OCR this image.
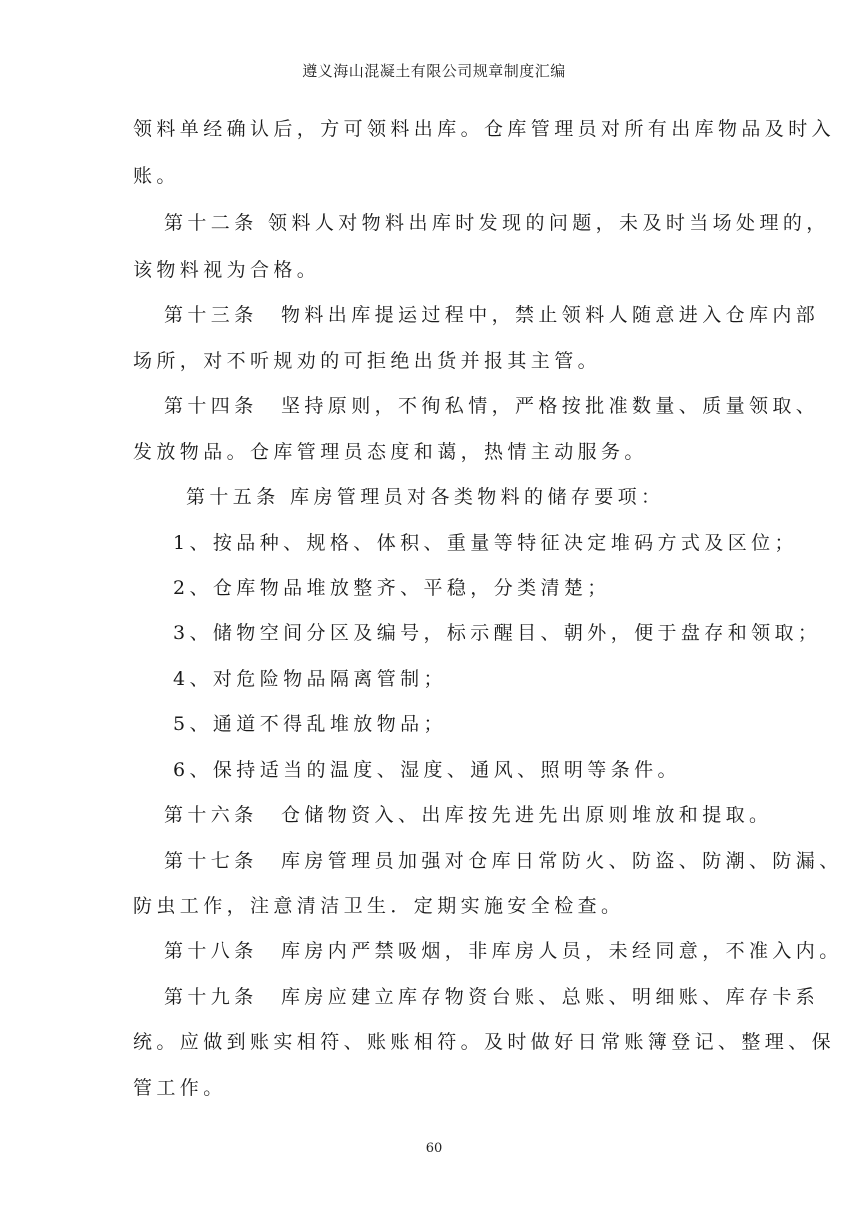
遵义海山混凝土有限公司规章制度汇编
领料单经确认后，方可领料出库。仓库管理员对所有出库物品及时入
账。
第十二条 领料人对物料出库时发现的问题，未及时当场处理的，
该物料视为合格。
第十三条　物料出库提运过程中，禁止领料人随意进入仓库内部
场所，对不听规劝的可拒绝出货并报其主管。
第十四条　坚持原则，不徇私情，严格按批准数量、质量领取、
发放物品。仓库管理员态度和蔼，热情主动服务。
第十五条 库房管理员对各类物料的储存要项：
1、按品种、规格、体积、重量等特征决定堆码方式及区位；
2、仓库物品堆放整齐、平稳，分类清楚；
3、储物空间分区及编号，标示醒目、朝外，便于盘存和领取；
4、对危险物品隔离管制；
5、通道不得乱堆放物品；
6、保持适当的温度、湿度、通风、照明等条件。
第十六条　仓储物资入、出库按先进先出原则堆放和提取。
第十七条　库房管理员加强对仓库日常防火、防盗、防潮、防漏、
防虫工作，注意清洁卫生．定期实施安全检查。
第十八条　库房内严禁吸烟，非库房人员，未经同意，不准入内。
第十九条　库房应建立库存物资台账、总账、明细账、库存卡系
统。应做到账实相符、账账相符。及时做好日常账簿登记、整理、保
管工作。
60
